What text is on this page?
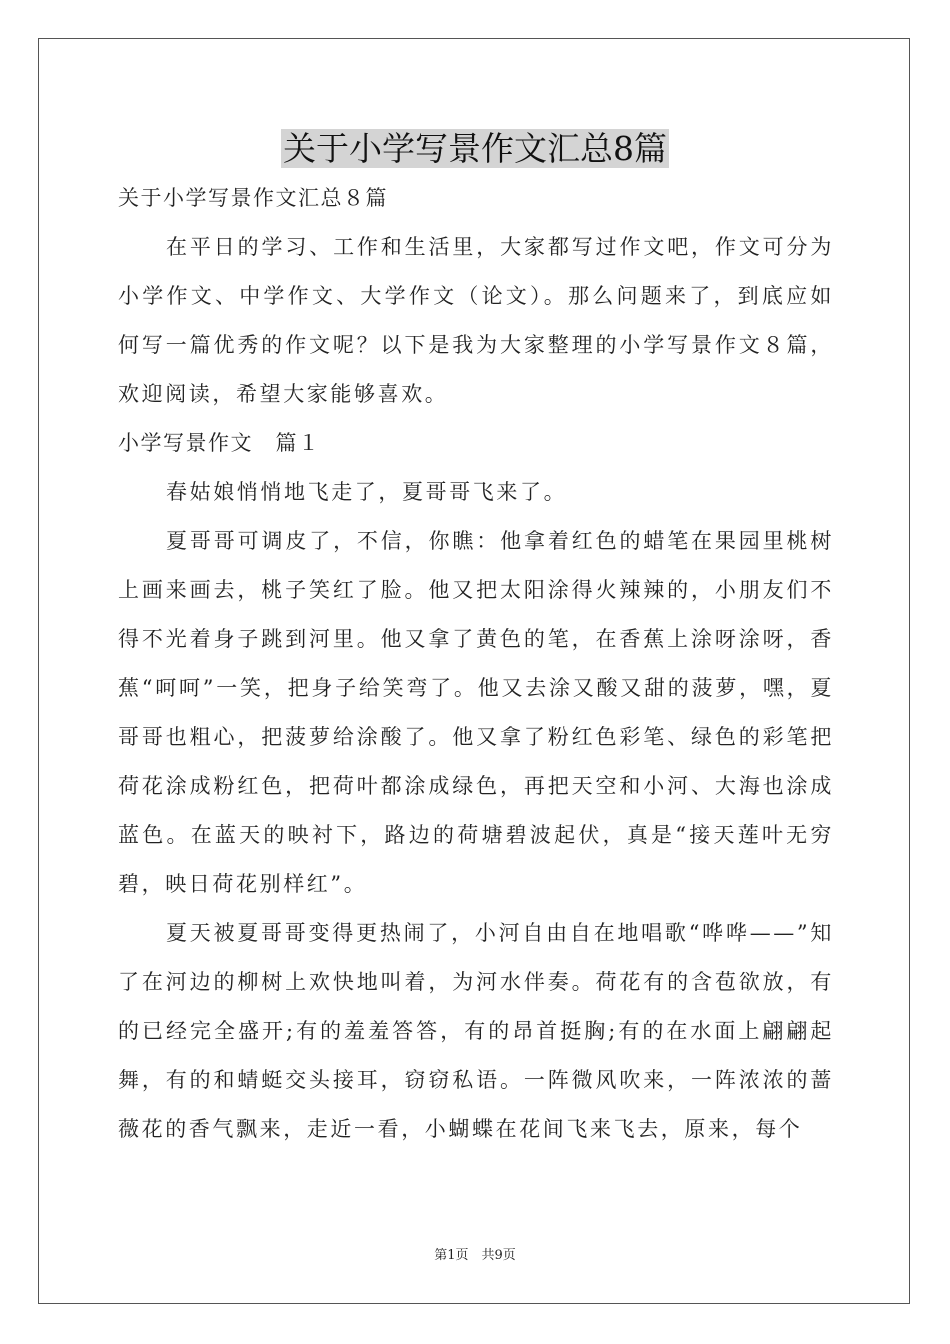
关于小学写景作文汇总8篇

关于小学写景作文汇总８篇

在平日的学习、工作和生活里，大家都写过作文吧，作文可分为小学作文、中学作文、大学作文（论文）。那么问题来了，到底应如何写一篇优秀的作文呢？以下是我为大家整理的小学写景作文８篇，欢迎阅读，希望大家能够喜欢。

小学写景作文　篇１

春姑娘悄悄地飞走了，夏哥哥飞来了。

夏哥哥可调皮了，不信，你瞧：他拿着红色的蜡笔在果园里桃树上画来画去，桃子笑红了脸。他又把太阳涂得火辣辣的，小朋友们不得不光着身子跳到河里。他又拿了黄色的笔，在香蕉上涂呀涂呀，香蕉“呵呵”一笑，把身子给笑弯了。他又去涂又酸又甜的菠萝，嘿，夏哥哥也粗心，把菠萝给涂酸了。他又拿了粉红色彩笔、绿色的彩笔把荷花涂成粉红色，把荷叶都涂成绿色，再把天空和小河、大海也涂成蓝色。在蓝天的映衬下，路边的荷塘碧波起伏，真是“接天莲叶无穷碧，映日荷花别样红”。

夏天被夏哥哥变得更热闹了，小河自由自在地唱歌“哗哗——”知了在河边的柳树上欢快地叫着，为河水伴奏。荷花有的含苞欲放，有的已经完全盛开;有的羞羞答答，有的昂首挺胸;有的在水面上翩翩起舞，有的和蜻蜓交头接耳，窃窃私语。一阵微风吹来，一阵浓浓的蔷薇花的香气飘来，走近一看，小蝴蝶在花间飞来飞去，原来，每个

第1页　共9页
